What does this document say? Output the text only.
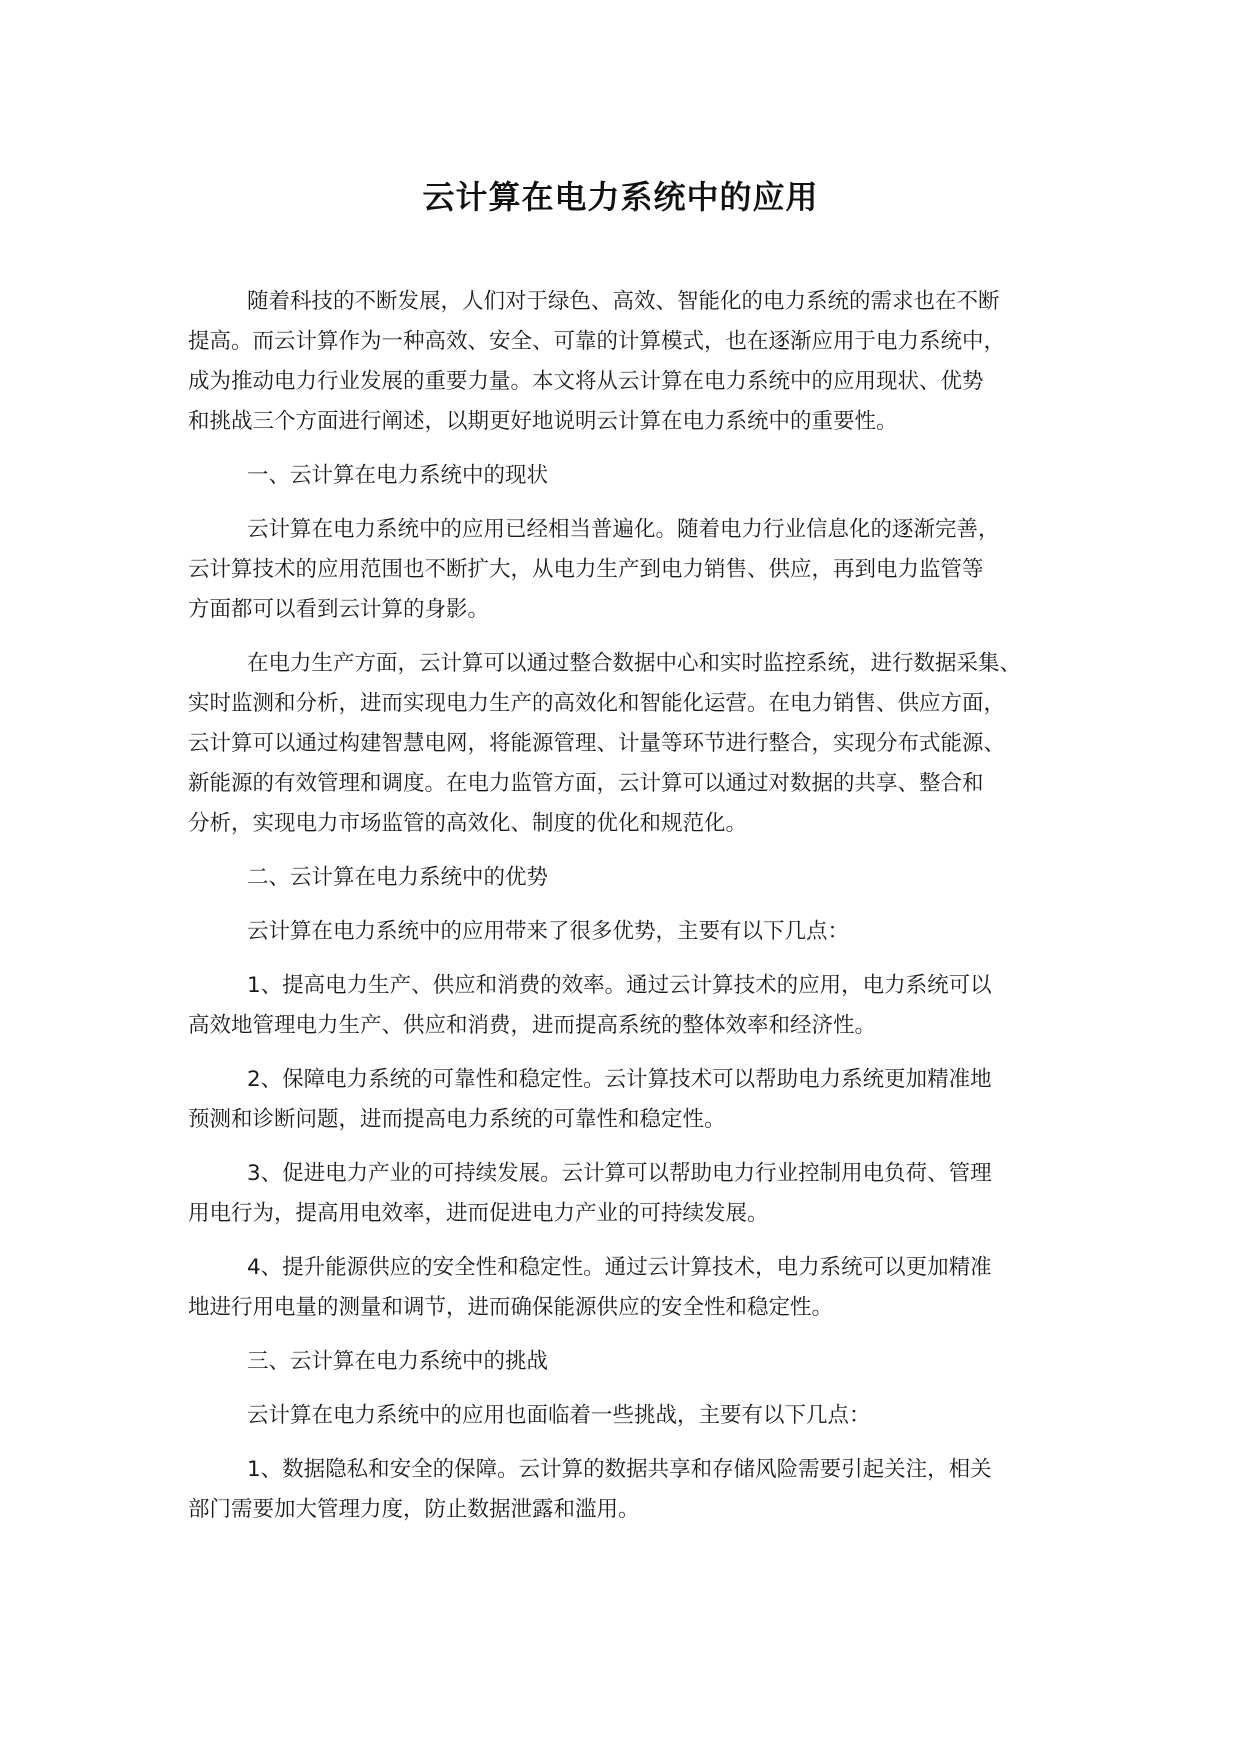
云计算在电力系统中的应用
随着科技的不断发展，人们对于绿色、高效、智能化的电力系统的需求也在不断
提高。而云计算作为一种高效、安全、可靠的计算模式，也在逐渐应用于电力系统中，
成为推动电力行业发展的重要力量。本文将从云计算在电力系统中的应用现状、优势
和挑战三个方面进行阐述，以期更好地说明云计算在电力系统中的重要性。
一、云计算在电力系统中的现状
云计算在电力系统中的应用已经相当普遍化。随着电力行业信息化的逐渐完善，
云计算技术的应用范围也不断扩大，从电力生产到电力销售、供应，再到电力监管等
方面都可以看到云计算的身影。
在电力生产方面，云计算可以通过整合数据中心和实时监控系统，进行数据采集、
实时监测和分析，进而实现电力生产的高效化和智能化运营。在电力销售、供应方面，
云计算可以通过构建智慧电网，将能源管理、计量等环节进行整合，实现分布式能源、
新能源的有效管理和调度。在电力监管方面，云计算可以通过对数据的共享、整合和
分析，实现电力市场监管的高效化、制度的优化和规范化。
二、云计算在电力系统中的优势
云计算在电力系统中的应用带来了很多优势，主要有以下几点：
1、提高电力生产、供应和消费的效率。通过云计算技术的应用，电力系统可以
高效地管理电力生产、供应和消费，进而提高系统的整体效率和经济性。
2、保障电力系统的可靠性和稳定性。云计算技术可以帮助电力系统更加精准地
预测和诊断问题，进而提高电力系统的可靠性和稳定性。
3、促进电力产业的可持续发展。云计算可以帮助电力行业控制用电负荷、管理
用电行为，提高用电效率，进而促进电力产业的可持续发展。
4、提升能源供应的安全性和稳定性。通过云计算技术，电力系统可以更加精准
地进行用电量的测量和调节，进而确保能源供应的安全性和稳定性。
三、云计算在电力系统中的挑战
云计算在电力系统中的应用也面临着一些挑战，主要有以下几点：
1、数据隐私和安全的保障。云计算的数据共享和存储风险需要引起关注，相关
部门需要加大管理力度，防止数据泄露和滥用。
